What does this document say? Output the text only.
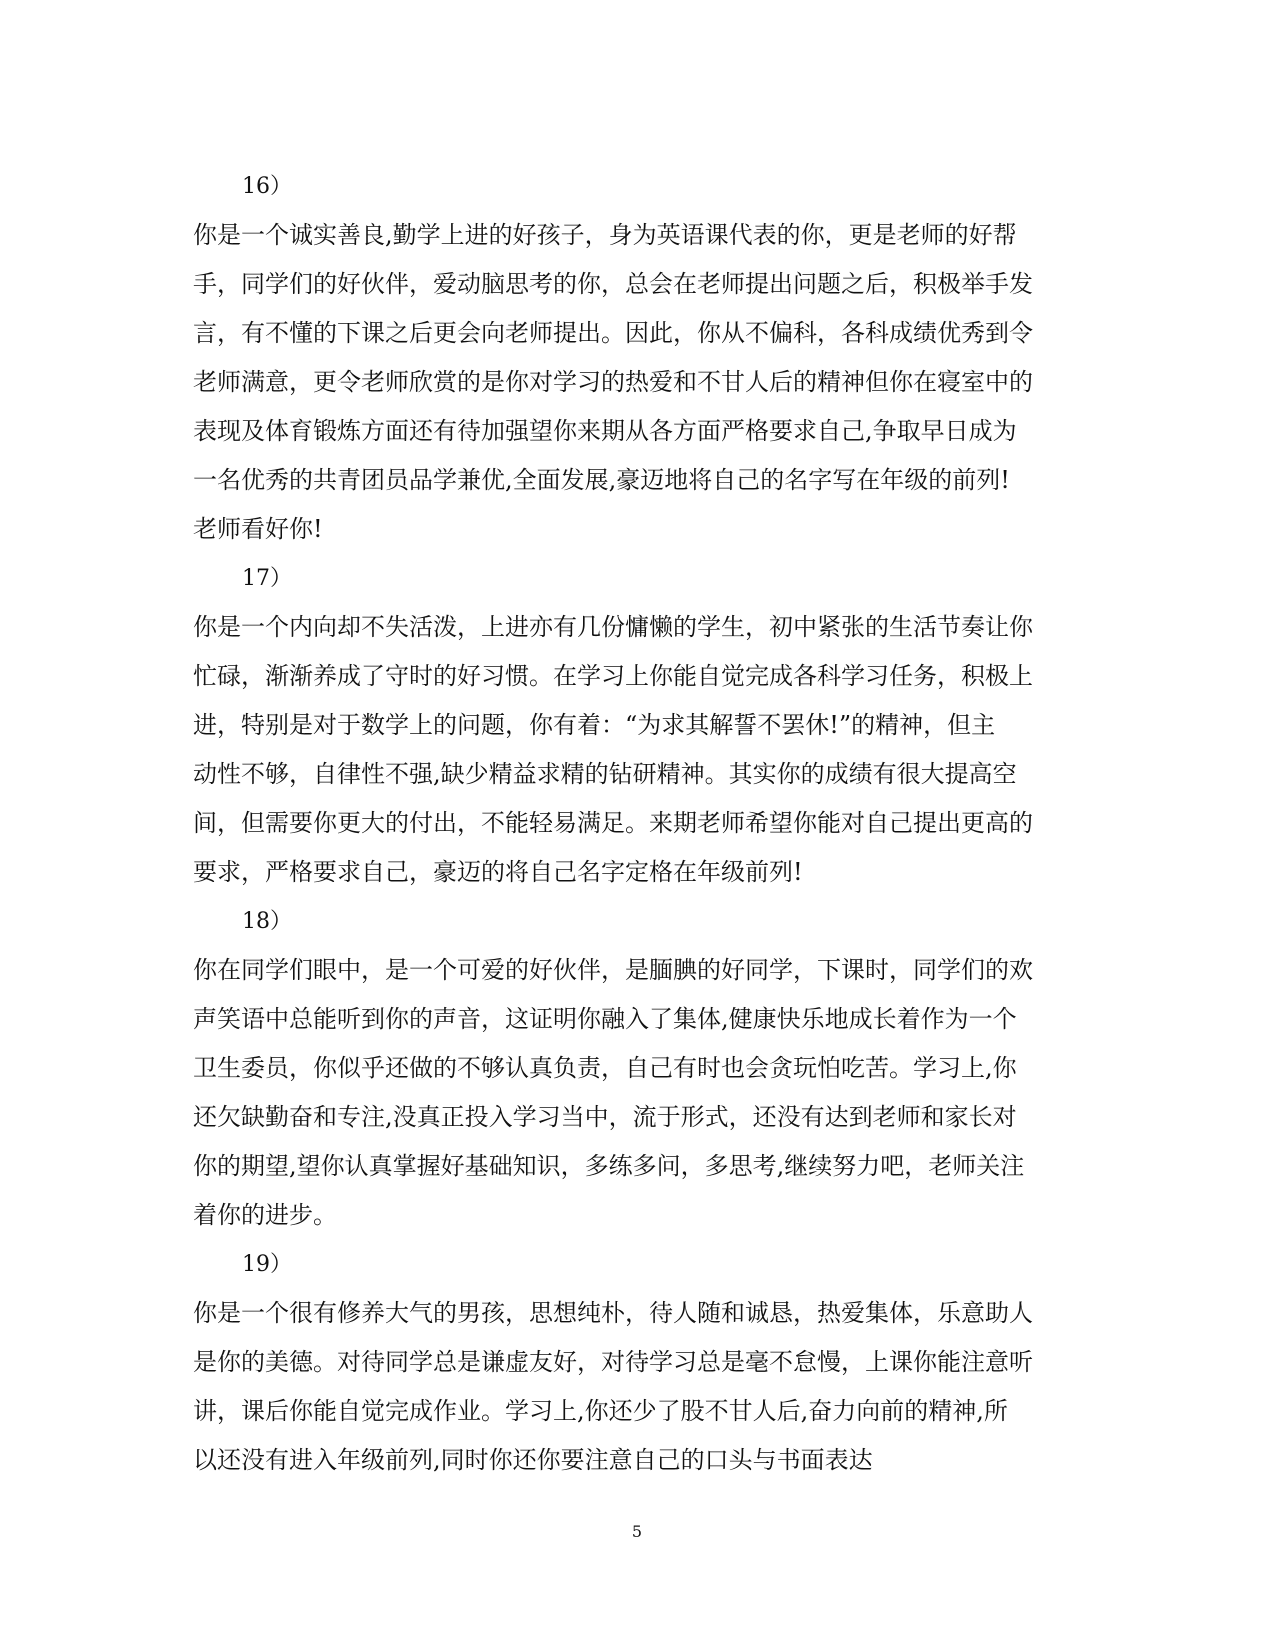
16）
你是一个诚实善良,勤学上进的好孩子，身为英语课代表的你，更是老师的好帮
手，同学们的好伙伴，爱动脑思考的你，总会在老师提出问题之后，积极举手发
言，有不懂的下课之后更会向老师提出。因此，你从不偏科，各科成绩优秀到令
老师满意，更令老师欣赏的是你对学习的热爱和不甘人后的精神但你在寝室中的
表现及体育锻炼方面还有待加强望你来期从各方面严格要求自己,争取早日成为
一名优秀的共青团员品学兼优,全面发展,豪迈地将自己的名字写在年级的前列!
老师看好你!
17）
你是一个内向却不失活泼，上进亦有几份慵懒的学生，初中紧张的生活节奏让你
忙碌，渐渐养成了守时的好习惯。在学习上你能自觉完成各科学习任务，积极上
进，特别是对于数学上的问题，你有着：“为求其解誓不罢休!”的精神，但主
动性不够，自律性不强,缺少精益求精的钻研精神。其实你的成绩有很大提高空
间，但需要你更大的付出，不能轻易满足。来期老师希望你能对自己提出更高的
要求，严格要求自己，豪迈的将自己名字定格在年级前列!
18）
你在同学们眼中，是一个可爱的好伙伴，是腼腆的好同学，下课时，同学们的欢
声笑语中总能听到你的声音，这证明你融入了集体,健康快乐地成长着作为一个
卫生委员，你似乎还做的不够认真负责，自己有时也会贪玩怕吃苦。学习上,你
还欠缺勤奋和专注,没真正投入学习当中，流于形式，还没有达到老师和家长对
你的期望,望你认真掌握好基础知识，多练多问，多思考,继续努力吧，老师关注
着你的进步。
19）
你是一个很有修养大气的男孩，思想纯朴，待人随和诚恳，热爱集体，乐意助人
是你的美德。对待同学总是谦虚友好，对待学习总是毫不怠慢，上课你能注意听
讲，课后你能自觉完成作业。学习上,你还少了股不甘人后,奋力向前的精神,所
以还没有进入年级前列,同时你还你要注意自己的口头与书面表达
5
